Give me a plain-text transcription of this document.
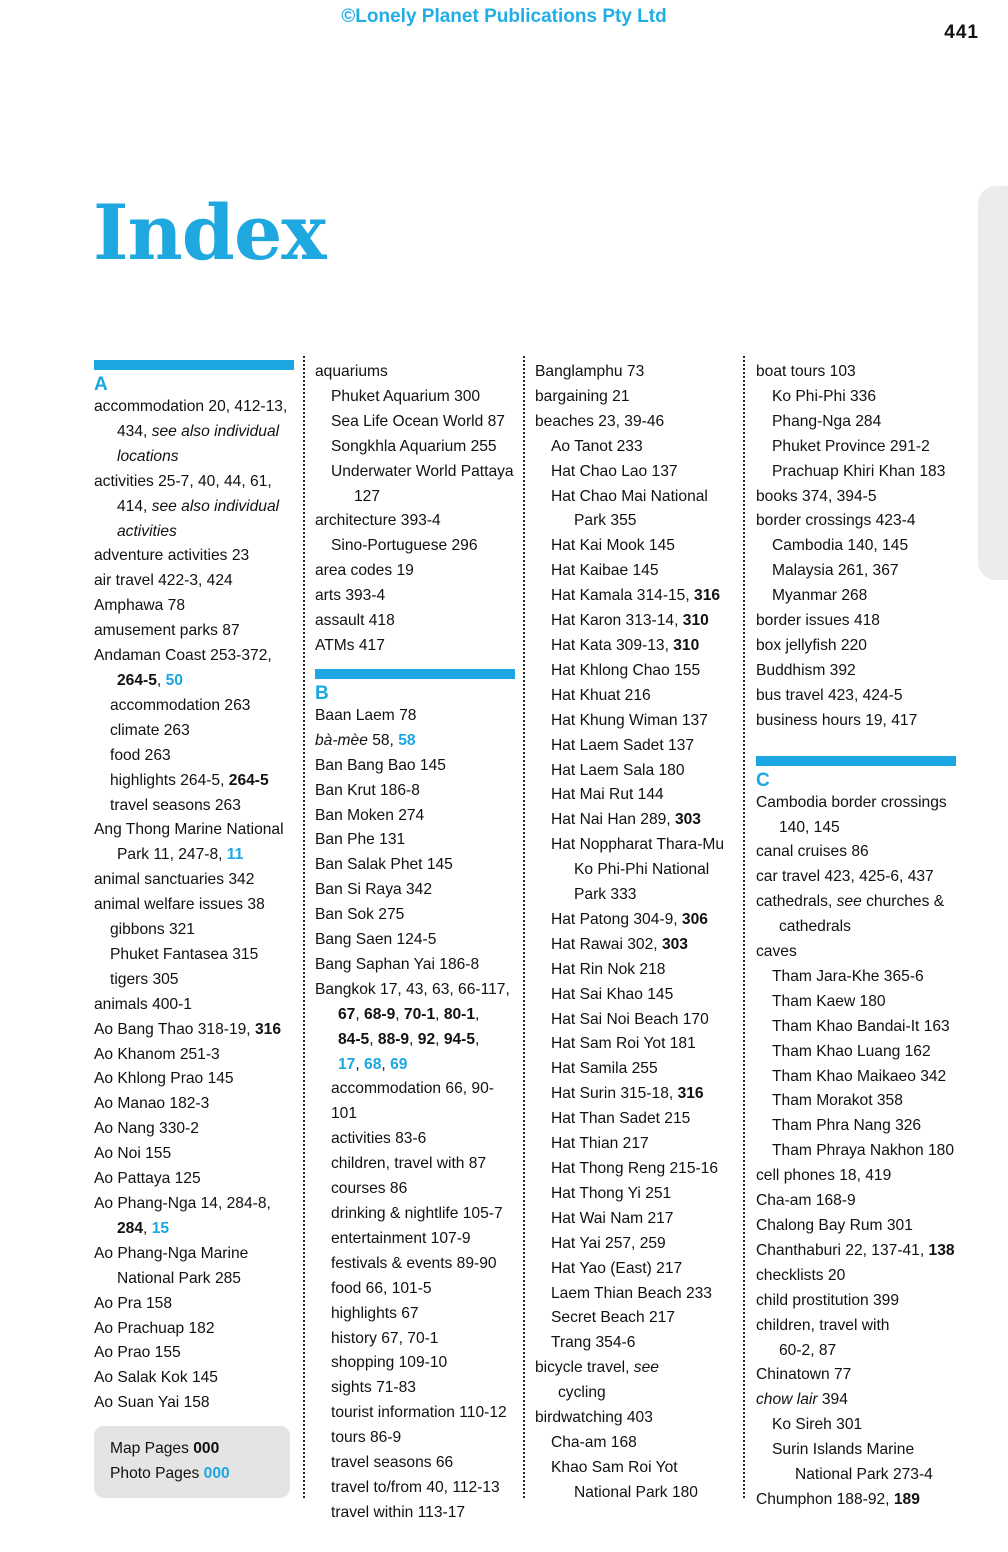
©Lonely Planet Publications Pty Ltd
441
Index
A

accommodation 20, 412-13,
434, see also individual
locations

activities 25-7, 40, 44, 61,
414, see also individual
activities

adventure activities 23

air travel 422-3, 424

Amphawa 78

amusement parks 87

Andaman Coast 253-372,
264-5, 50

accommodation 263

climate 263

food 263

highlights 264-5, 264-5

travel seasons 263

Ang Thong Marine National
Park 11, 247-8, 11

animal sanctuaries 342

animal welfare issues 38

gibbons 321

Phuket Fantasea 315

tigers 305

animals 400-1

Ao Bang Thao 318-19, 316

Ao Khanom 251-3

Ao Khlong Prao 145

Ao Manao 182-3

Ao Nang 330-2

Ao Noi 155

Ao Pattaya 125

Ao Phang-Nga 14, 284-8,
284, 15

Ao Phang-Nga Marine
National Park 285

Ao Pra 158

Ao Prachuap 182

Ao Prao 155

Ao Salak Kok 145

Ao Suan Yai 158

Map Pages 000
Photo Pages 000

aquariums

Phuket Aquarium 300

Sea Life Ocean World 87

Songkhla Aquarium 255

Underwater World Pattaya
127

architecture 393-4

Sino-Portuguese 296

area codes 19

arts 393-4

assault 418

ATMs 417

B

Baan Laem 78

bà-mèe 58, 58

Ban Bang Bao 145

Ban Krut 186-8

Ban Moken 274

Ban Phe 131

Ban Salak Phet 145

Ban Si Raya 342

Ban Sok 275

Bang Saen 124-5

Bang Saphan Yai 186-8

Bangkok 17, 43, 63, 66-117,
67, 68-9, 70-1, 80-1,
84-5, 88-9, 92, 94-5,
17, 68, 69

accommodation 66, 90-101

activities 83-6

children, travel with 87

courses 86

drinking & nightlife 105-7

entertainment 107-9

festivals & events 89-90

food 66, 101-5

highlights 67

history 67, 70-1

shopping 109-10

sights 71-83

tourist information 110-12

tours 86-9

travel seasons 66

travel to/from 40, 112-13

travel within 113-17

Banglamphu 73

bargaining 21

beaches 23, 39-46

Ao Tanot 233

Hat Chao Lao 137

Hat Chao Mai National
Park 355

Hat Kai Mook 145

Hat Kaibae 145

Hat Kamala 314-15, 316

Hat Karon 313-14, 310

Hat Kata 309-13, 310

Hat Khlong Chao 155

Hat Khuat 216

Hat Khung Wiman 137

Hat Laem Sadet 137

Hat Laem Sala 180

Hat Mai Rut 144

Hat Nai Han 289, 303

Hat Noppharat Thara-Mu
Ko Phi-Phi National
Park 333

Hat Patong 304-9, 306

Hat Rawai 302, 303

Hat Rin Nok 218

Hat Sai Khao 145

Hat Sai Noi Beach 170

Hat Sam Roi Yot 181

Hat Samila 255

Hat Surin 315-18, 316

Hat Than Sadet 215

Hat Thian 217

Hat Thong Reng 215-16

Hat Thong Yi 251

Hat Wai Nam 217

Hat Yai 257, 259

Hat Yao (East) 217

Laem Thian Beach 233

Secret Beach 217

Trang 354-6

bicycle travel, see
cycling

birdwatching 403

Cha-am 168

Khao Sam Roi Yot
National Park 180

boat tours 103

Ko Phi-Phi 336

Phang-Nga 284

Phuket Province 291-2

Prachuap Khiri Khan 183

books 374, 394-5

border crossings 423-4

Cambodia 140, 145

Malaysia 261, 367

Myanmar 268

border issues 418

box jellyfish 220

Buddhism 392

bus travel 423, 424-5

business hours 19, 417

C

Cambodia border crossings
140, 145

canal cruises 86

car travel 423, 425-6, 437

cathedrals, see churches &
cathedrals

caves

Tham Jara-Khe 365-6

Tham Kaew 180

Tham Khao Bandai-It 163

Tham Khao Luang 162

Tham Khao Maikaeo 342

Tham Morakot 358

Tham Phra Nang 326

Tham Phraya Nakhon 180

cell phones 18, 419

Cha-am 168-9

Chalong Bay Rum 301

Chanthaburi 22, 137-41, 138

checklists 20

child prostitution 399

children, travel with
60-2, 87

Chinatown 77

chow lair 394

Ko Sireh 301

Surin Islands Marine
National Park 273-4

Chumphon 188-92, 189
